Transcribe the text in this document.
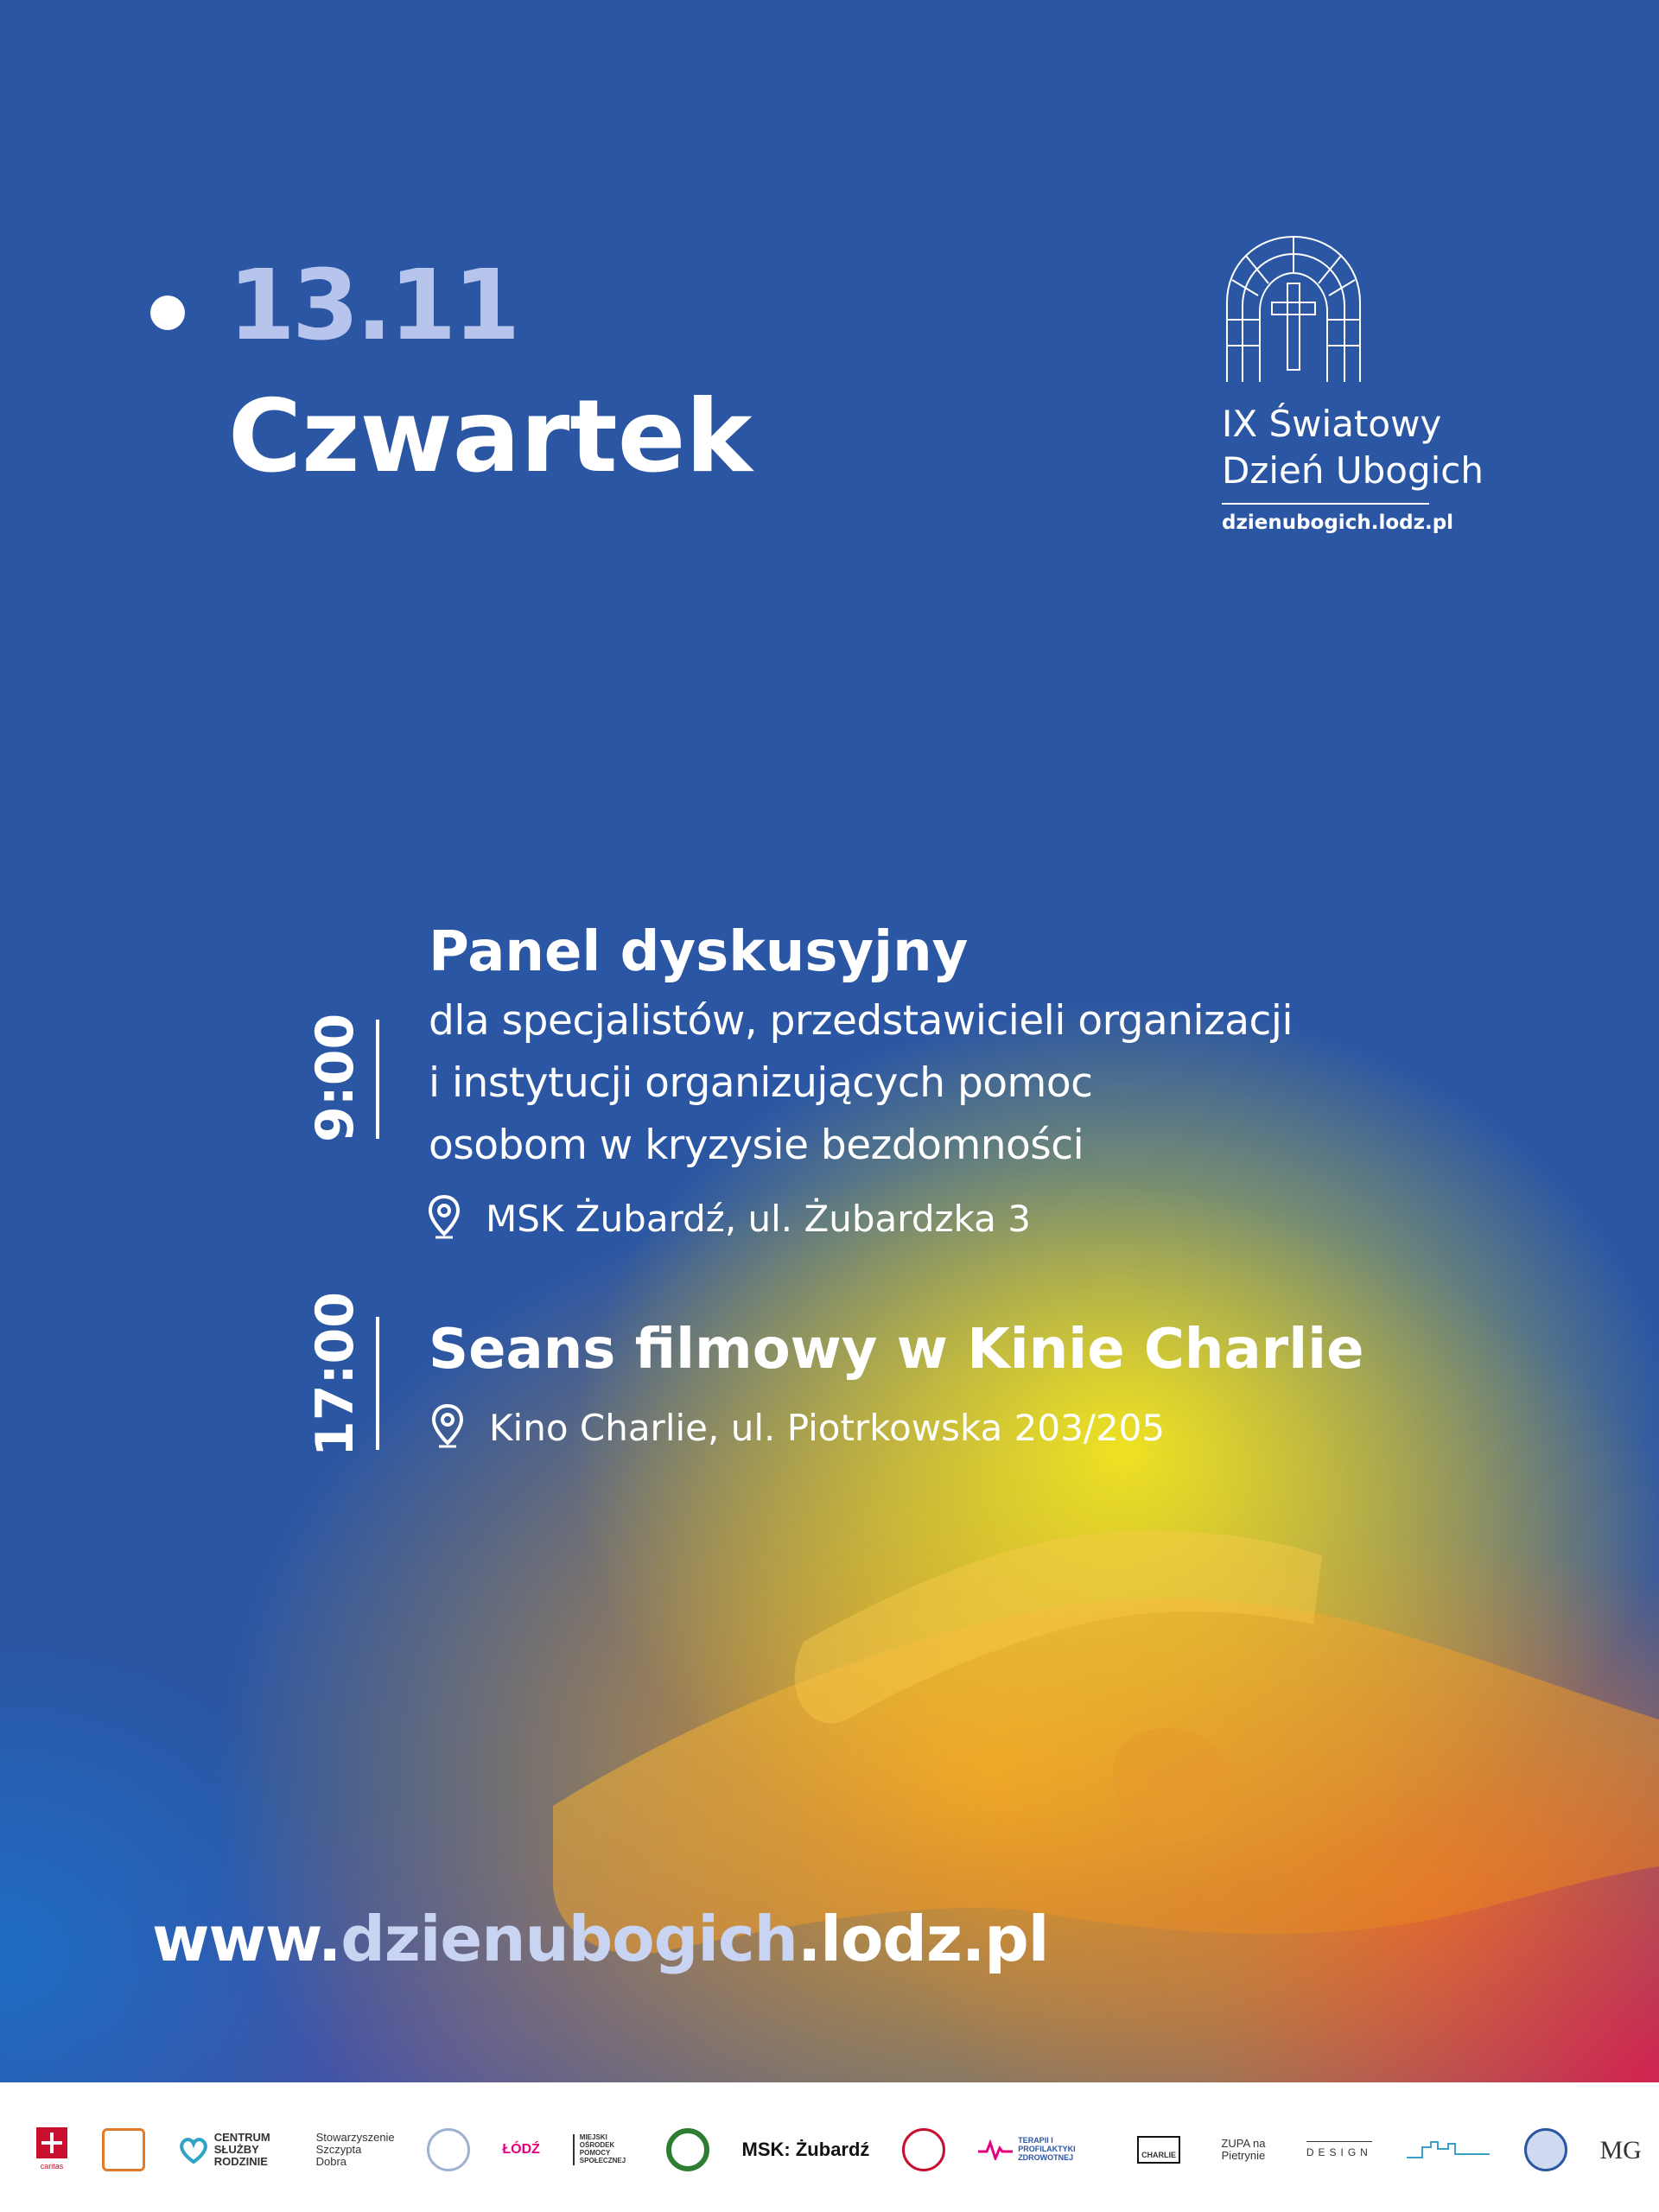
13.11
Czwartek	IX Światowy
Dzień Ubogich
dzienubogich.lodz.pl
9:00
Panel dyskusyjny
dla specjalistów, przedstawicieli organizacji
i instytucji organizujących pomoc
osobom w kryzysie bezdomności
MSK Żubardź, ul. Żubardzka 3
17:00 Seans filmowy w Kinie Charlie
Kino Charlie, ul. Piotrkowska 203/205
www.dzienubogich.lodz.pl
caritas
CENTRUM SŁUŻBY RODZINIE
Stowarzyszenie Szczypta Dobra
ŁÓDŹ
MIEJSKI OŚRODEK POMOCY SPOŁECZNEJ
MSK: Żubardź	TERAPII I PROFILAKTYKI ZDROWOTNEJ	CHARLIE
ZUPA na Pietrynie	DESIGN	MG
